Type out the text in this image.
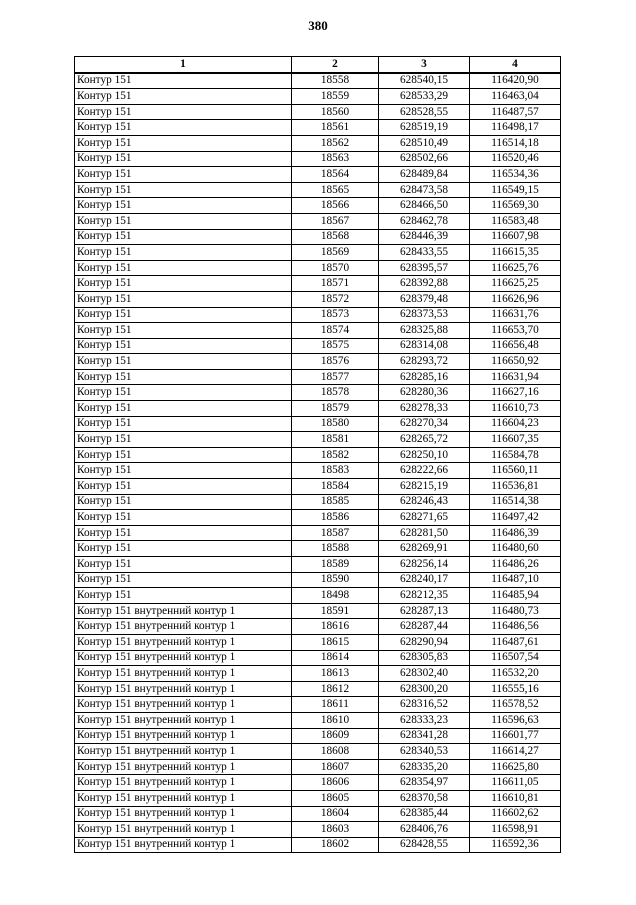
380
1	2	3	4
Контур 151	18558	628540,15	116420,90
Контур 151	18559	628533,29	116463,04
Контур 151	18560	628528,55	116487,57
Контур 151	18561	628519,19	116498,17
Контур 151	18562	628510,49	116514,18
Контур 151	18563	628502,66	116520,46
Контур 151	18564	628489,84	116534,36
Контур 151	18565	628473,58	116549,15
Контур 151	18566	628466,50	116569,30
Контур 151	18567	628462,78	116583,48
Контур 151	18568	628446,39	116607,98
Контур 151	18569	628433,55	116615,35
Контур 151	18570	628395,57	116625,76
Контур 151	18571	628392,88	116625,25
Контур 151	18572	628379,48	116626,96
Контур 151	18573	628373,53	116631,76
Контур 151	18574	628325,88	116653,70
Контур 151	18575	628314,08	116656,48
Контур 151	18576	628293,72	116650,92
Контур 151	18577	628285,16	116631,94
Контур 151	18578	628280,36	116627,16
Контур 151	18579	628278,33	116610,73
Контур 151	18580	628270,34	116604,23
Контур 151	18581	628265,72	116607,35
Контур 151	18582	628250,10	116584,78
Контур 151	18583	628222,66	116560,11
Контур 151	18584	628215,19	116536,81
Контур 151	18585	628246,43	116514,38
Контур 151	18586	628271,65	116497,42
Контур 151	18587	628281,50	116486,39
Контур 151	18588	628269,91	116480,60
Контур 151	18589	628256,14	116486,26
Контур 151	18590	628240,17	116487,10
Контур 151	18498	628212,35	116485,94
Контур 151 внутренний контур 1	18591	628287,13	116480,73
Контур 151 внутренний контур 1	18616	628287,44	116486,56
Контур 151 внутренний контур 1	18615	628290,94	116487,61
Контур 151 внутренний контур 1	18614	628305,83	116507,54
Контур 151 внутренний контур 1	18613	628302,40	116532,20
Контур 151 внутренний контур 1	18612	628300,20	116555,16
Контур 151 внутренний контур 1	18611	628316,52	116578,52
Контур 151 внутренний контур 1	18610	628333,23	116596,63
Контур 151 внутренний контур 1	18609	628341,28	116601,77
Контур 151 внутренний контур 1	18608	628340,53	116614,27
Контур 151 внутренний контур 1	18607	628335,20	116625,80
Контур 151 внутренний контур 1	18606	628354,97	116611,05
Контур 151 внутренний контур 1	18605	628370,58	116610,81
Контур 151 внутренний контур 1	18604	628385,44	116602,62
Контур 151 внутренний контур 1	18603	628406,76	116598,91
Контур 151 внутренний контур 1	18602	628428,55	116592,36
